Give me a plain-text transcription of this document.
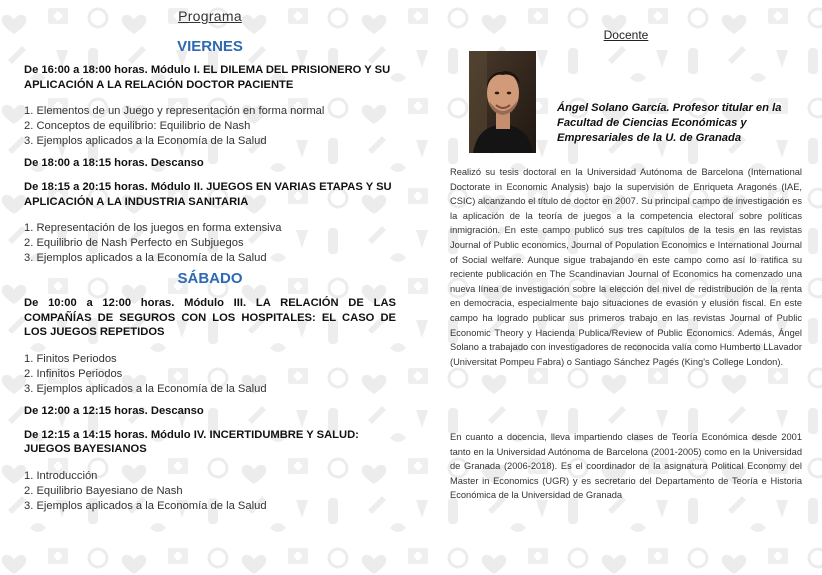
Programa
VIERNES
De 16:00 a 18:00 horas. Módulo I. EL DILEMA DEL PRISIONERO Y SU APLICACIÓN A LA RELACIÓN DOCTOR PACIENTE
1. Elementos de un Juego y representación en forma normal
2. Conceptos de equilibrio: Equilibrio de Nash
3. Ejemplos aplicados a la Economía de la Salud
De 18:00 a 18:15 horas. Descanso
De 18:15 a 20:15 horas. Módulo II. JUEGOS EN VARIAS ETAPAS Y SU APLICACIÓN A LA INDUSTRIA SANITARIA
1. Representación de los juegos en forma extensiva
2. Equilibrio de Nash Perfecto en Subjuegos
3. Ejemplos aplicados a la Economía de la Salud
SÁBADO
De 10:00 a 12:00 horas. Módulo III. LA RELACIÓN DE LAS COMPAÑÍAS DE SEGUROS CON LOS HOSPITALES: EL CASO DE LOS JUEGOS REPETIDOS
1. Finitos Periodos
2. Infinitos Periodos
3. Ejemplos aplicados a la Economía de la Salud
De 12:00 a 12:15 horas. Descanso
De 12:15 a 14:15 horas. Módulo IV. INCERTIDUMBRE Y SALUD: JUEGOS BAYESIANOS
1. Introducción
2. Equilibrio Bayesiano de Nash
3. Ejemplos aplicados a la Economía de la Salud
Docente
Ángel Solano García. Profesor titular en la Facultad de Ciencias Económicas y Empresariales de la U. de Granada

Realizó su tesis doctoral en la Universidad Autónoma de Barcelona (International Doctorate in Economic Analysis) bajo la supervisión de Enriqueta Aragonés (IAE, CSIC) alcanzando el título de doctor en 2007. Su principal campo de investigación es la aplicación de la teoría de juegos a la competencia electoral sobre políticas inmigración. En este campo publicó sus tres capítulos de la tesis en las revistas Journal of Public economics, Journal of Population Economics e International Journal of Social welfare. Aunque sigue trabajando en este campo como así lo ratifica su reciente publicación en The Scandinavian Journal of Economics ha comenzado una nueva línea de investigación sobre la elección del nivel de redistribución de la renta en democracia, especialmente bajo situaciones de evasión y elusión fiscal. En este campo ha logrado publicar sus primeros trabajo en las revistas Journal of Public Economic Theory y Hacienda Publica/Review of Public Economics. Además, Ángel Solano a trabajado con investigadores de reconocida valía como Humberto LLavador (Universitat Pompeu Fabra) o Santiago Sánchez Pagés (King's College London).

En cuanto a docencia, lleva impartiendo clases de Teoría Económica desde 2001 tanto en la Universidad Autónoma de Barcelona (2001-2005) como en la Universidad de Granada (2006-2018). Es el coordinador de la asignatura Political Economy del Master in Economics (UGR) y es secretario del Departamento de Teoría e Historia Económica de la Universidad de Granada
